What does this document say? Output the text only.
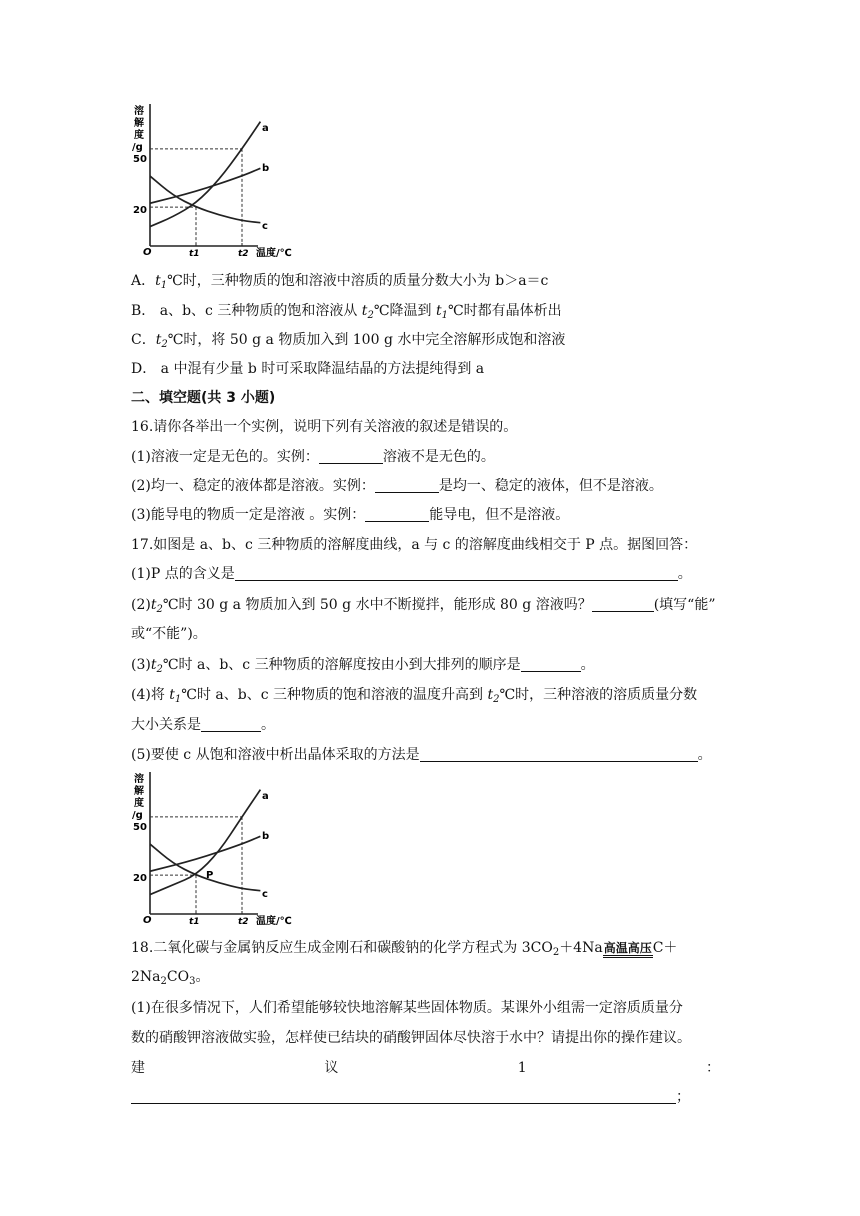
溶
解
度
/g
50
20
O	t1	t2 温度/℃
a
b
c
A．$t_1℃$时，三种物质的饱和溶液中溶质的质量分数大小为 b＞a＝c
B． a、b、c 三种物质的饱和溶液从 $t_2℃$降温到 $t_1℃$时都有晶体析出
C．$t_2℃$时，将 50 g a 物质加入到 100 g 水中完全溶解形成饱和溶液
D． a 中混有少量 b 时可采取降温结晶的方法提纯得到 a
二、填空题(共 3 小题)
16.请你各举出一个实例，说明下列有关溶液的叙述是错误的。
(1)溶液一定是无色的。实例：	溶液不是无色的。
(2)均一、稳定的液体都是溶液。实例：	是均一、稳定的液体，但不是溶液。
(3)能导电的物质一定是溶液 。实例：	能导电，但不是溶液。
17.如图是 a、b、c 三种物质的溶解度曲线，a 与 c 的溶解度曲线相交于 P 点。据图回答：
(1)P 点的含义是	。
$(2)t_2℃$时 30 g a 物质加入到 50 g 水中不断搅拌，能形成 80 g 溶液吗？	(填写“能”
或“不能”)。
$(3)t_2℃$时 a、b、c 三种物质的溶解度按由小到大排列的顺序是	。
(4)将 $t_1℃$时 a、b、c 三种物质的饱和溶液的温度升高到 $t_2℃$时，三种溶液的溶质质量分数
大小关系是	。
(5)要使 c 从饱和溶液中析出晶体采取的方法是	。
溶
解
度
/g
50
20
O	t1	t2 温度/℃
a
b
c
P
18.二氧化碳与金属钠反应生成金刚石和碳酸钠的化学方程式为 $3CO_2+4Na$高温高压C＋
$2Na_2CO_3$。
(1)在很多情况下，人们希望能够较快地溶解某些固体物质。某课外小组需一定溶质质量分
数的硝酸钾溶液做实验，怎样使已结块的硝酸钾固体尽快溶于水中？请提出你的操作建议。
建	议	1	：
；
